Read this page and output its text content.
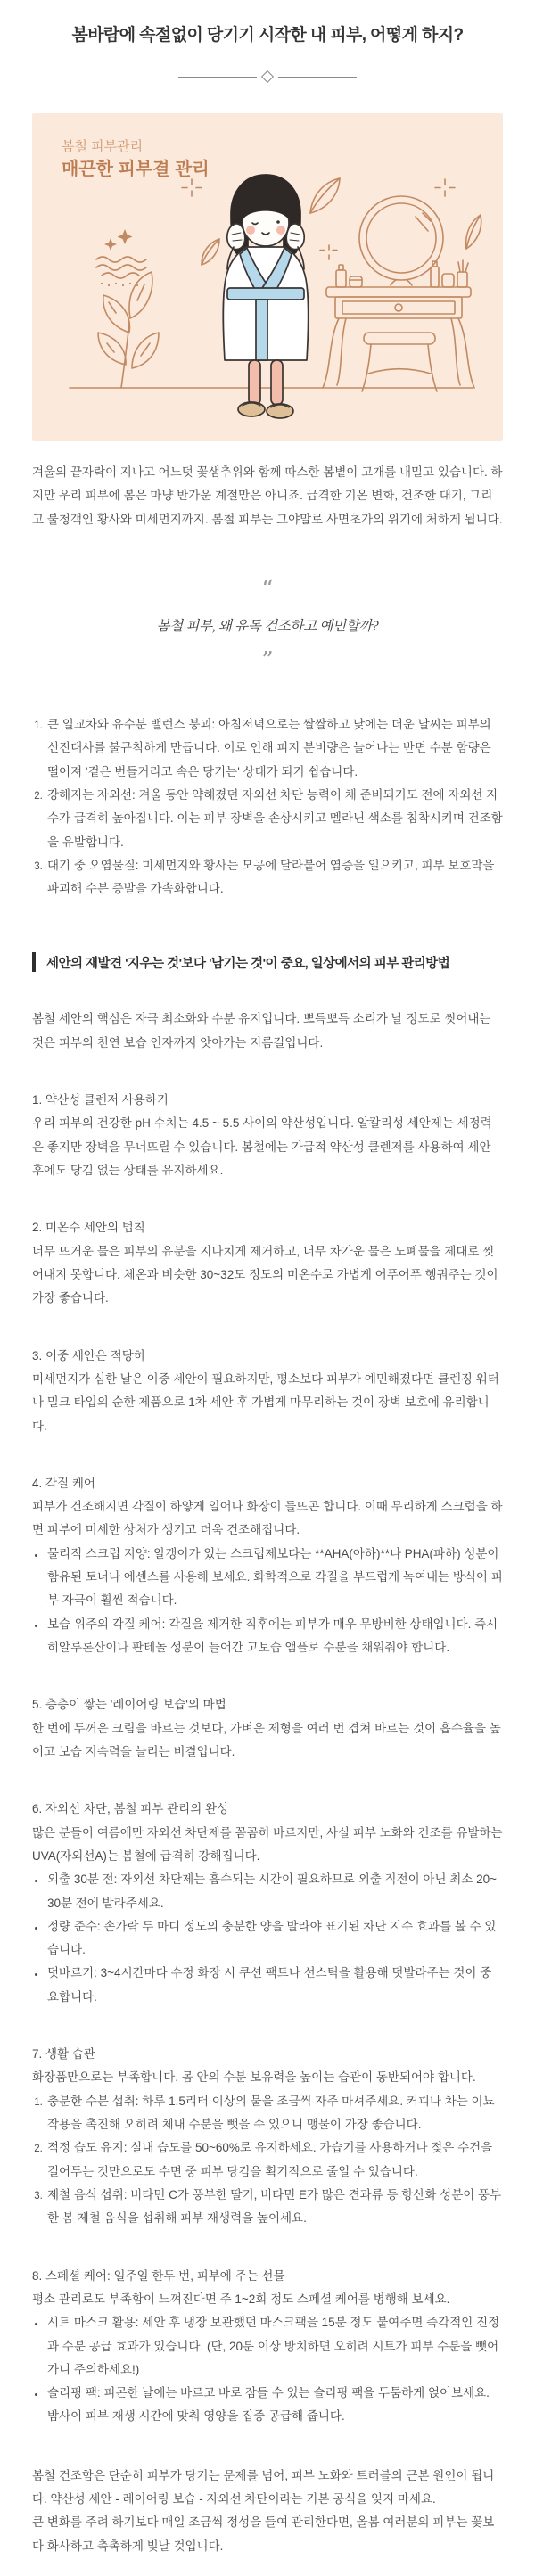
봄바람에 속절없이 당기기 시작한 내 피부, 어떻게 하지?
봄철 피부관리
매끈한 피부결 관리

겨울의 끝자락이 지나고 어느덧 꽃샘추위와 함께 따스한 봄볕이 고개를 내밀고 있습니다. 하지만 우리 피부에 봄은 마냥 반가운 계절만은 아니죠. 급격한 기온 변화, 건조한 대기, 그리고 불청객인 황사와 미세먼지까지. 봄철 피부는 그야말로 사면초가의 위기에 처하게 됩니다.

“
봄철 피부, 왜 유독 건조하고 예민할까?
”
1. 큰 일교차와 유수분 밸런스 붕괴: 아침저녁으로는 쌀쌀하고 낮에는 더운 날씨는 피부의 신진대사를 불규칙하게 만듭니다. 이로 인해 피지 분비량은 늘어나는 반면 수분 함량은 떨어져 '겉은 번들거리고 속은 당기는' 상태가 되기 쉽습니다.
2. 강해지는 자외선: 겨울 동안 약해졌던 자외선 차단 능력이 채 준비되기도 전에 자외선 지수가 급격히 높아집니다. 이는 피부 장벽을 손상시키고 멜라닌 색소를 침착시키며 건조함을 유발합니다.
3. 대기 중 오염물질: 미세먼지와 황사는 모공에 달라붙어 염증을 일으키고, 피부 보호막을 파괴해 수분 증발을 가속화합니다.
세안의 재발견 '지우는 것'보다 '남기는 것'이 중요, 일상에서의 피부 관리방법

봄철 세안의 핵심은 자극 최소화와 수분 유지입니다. 뽀득뽀득 소리가 날 정도로 씻어내는 것은 피부의 천연 보습 인자까지 앗아가는 지름길입니다.

1. 약산성 클렌저 사용하기

우리 피부의 건강한 pH 수치는 4.5 ~ 5.5 사이의 약산성입니다. 알칼리성 세안제는 세정력은 좋지만 장벽을 무너뜨릴 수 있습니다. 봄철에는 가급적 약산성 클렌저를 사용하여 세안 후에도 당김 없는 상태를 유지하세요.

2. 미온수 세안의 법칙

너무 뜨거운 물은 피부의 유분을 지나치게 제거하고, 너무 차가운 물은 노폐물을 제대로 씻어내지 못합니다. 체온과 비슷한 30~32도 정도의 미온수로 가볍게 어푸어푸 헹궈주는 것이 가장 좋습니다.

3. 이중 세안은 적당히

미세먼지가 심한 날은 이중 세안이 필요하지만, 평소보다 피부가 예민해졌다면 클렌징 워터나 밀크 타입의 순한 제품으로 1차 세안 후 가볍게 마무리하는 것이 장벽 보호에 유리합니다.

4. 각질 케어

피부가 건조해지면 각질이 하얗게 일어나 화장이 들뜨곤 합니다. 이때 무리하게 스크럽을 하면 피부에 미세한 상처가 생기고 더욱 건조해집니다.

• 물리적 스크럽 지양: 알갱이가 있는 스크럽제보다는 **AHA(아하)**나 PHA(파하) 성분이 함유된 토너나 에센스를 사용해 보세요. 화학적으로 각질을 부드럽게 녹여내는 방식이 피부 자극이 훨씬 적습니다.
• 보습 위주의 각질 케어: 각질을 제거한 직후에는 피부가 매우 무방비한 상태입니다. 즉시 히알루론산이나 판테놀 성분이 들어간 고보습 앰플로 수분을 채워줘야 합니다.

5. 층층이 쌓는 '레이어링 보습'의 마법

한 번에 두꺼운 크림을 바르는 것보다, 가벼운 제형을 여러 번 겹쳐 바르는 것이 흡수율을 높이고 보습 지속력을 늘리는 비결입니다.

6. 자외선 차단, 봄철 피부 관리의 완성

많은 분들이 여름에만 자외선 차단제를 꼼꼼히 바르지만, 사실 피부 노화와 건조를 유발하는 UVA(자외선A)는 봄철에 급격히 강해집니다.

• 외출 30분 전: 자외선 차단제는 흡수되는 시간이 필요하므로 외출 직전이 아닌 최소 20~30분 전에 발라주세요.
• 정량 준수: 손가락 두 마디 정도의 충분한 양을 발라야 표기된 차단 지수 효과를 볼 수 있습니다.
• 덧바르기: 3~4시간마다 수정 화장 시 쿠션 팩트나 선스틱을 활용해 덧발라주는 것이 중요합니다.

7. 생활 습관

화장품만으로는 부족합니다. 몸 안의 수분 보유력을 높이는 습관이 동반되어야 합니다.

1. 충분한 수분 섭취: 하루 1.5리터 이상의 물을 조금씩 자주 마셔주세요. 커피나 차는 이뇨 작용을 촉진해 오히려 체내 수분을 뺏을 수 있으니 맹물이 가장 좋습니다.
2. 적정 습도 유지: 실내 습도를 50~60%로 유지하세요. 가습기를 사용하거나 젖은 수건을 걸어두는 것만으로도 수면 중 피부 당김을 획기적으로 줄일 수 있습니다.
3. 제철 음식 섭취: 비타민 C가 풍부한 딸기, 비타민 E가 많은 견과류 등 항산화 성분이 풍부한 봄 제철 음식을 섭취해 피부 재생력을 높이세요.

8. 스페셜 케어: 일주일 한두 번, 피부에 주는 선물

평소 관리로도 부족함이 느껴진다면 주 1~2회 정도 스페셜 케어를 병행해 보세요.

• 시트 마스크 활용: 세안 후 냉장 보관했던 마스크팩을 15분 정도 붙여주면 즉각적인 진정과 수분 공급 효과가 있습니다. (단, 20분 이상 방치하면 오히려 시트가 피부 수분을 뺏어가니 주의하세요!)
• 슬리핑 팩: 피곤한 날에는 바르고 바로 잠들 수 있는 슬리핑 팩을 두툼하게 얹어보세요. 밤사이 피부 재생 시간에 맞춰 영양을 집중 공급해 줍니다.

봄철 건조함은 단순히 피부가 당기는 문제를 넘어, 피부 노화와 트러블의 근본 원인이 됩니다. 약산성 세안 - 레이어링 보습 - 자외선 차단이라는 기본 공식을 잊지 마세요.

큰 변화를 주려 하기보다 매일 조금씩 정성을 들여 관리한다면, 올봄 여러분의 피부는 꽃보다 화사하고 촉촉하게 빛날 것입니다.
